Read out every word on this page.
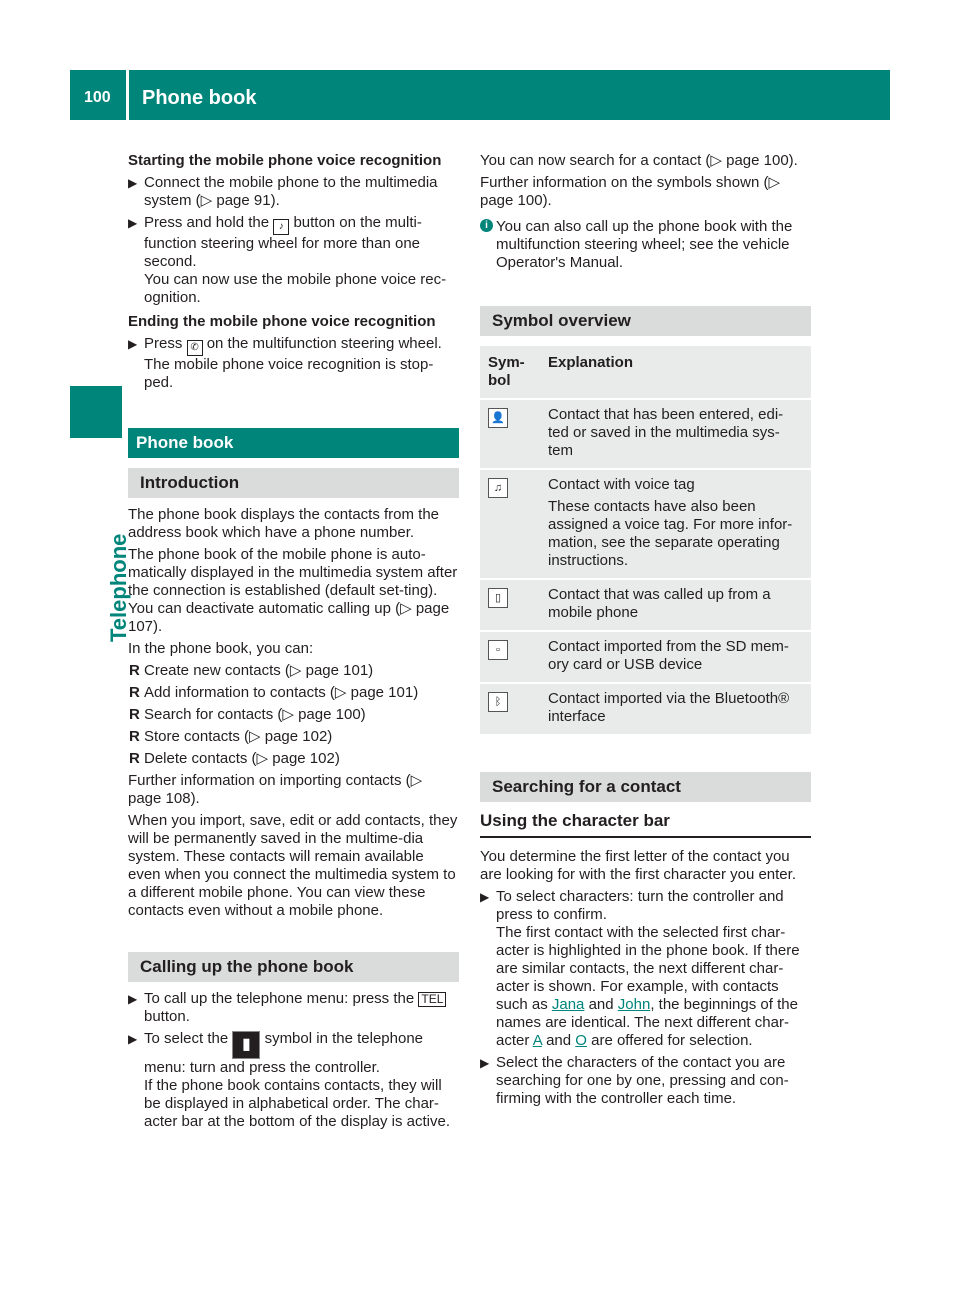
100 Phone book
Telephone

Starting the mobile phone voice recognition

▶ Connect the mobile phone to the multimedia system (▷ page 91).
▶ Press and hold the ♪ button on the multi-function steering wheel for more than one second.
You can now use the mobile phone voice rec-ognition.

Ending the mobile phone voice recognition

▶ Press ✆ on the multifunction steering wheel.
The mobile phone voice recognition is stop-ped.
Phone book
Introduction

The phone book displays the contacts from the address book which have a phone number.

The phone book of the mobile phone is auto-matically displayed in the multimedia system after the connection is established (default set-ting). You can deactivate automatic calling up (▷ page 107).

In the phone book, you can:

R Create new contacts (▷ page 101)
R Add information to contacts (▷ page 101)
R Search for contacts (▷ page 100)
R Store contacts (▷ page 102)
R Delete contacts (▷ page 102)

Further information on importing contacts (▷ page 108).

When you import, save, edit or add contacts, they will be permanently saved in the multime-dia system. These contacts will remain available even when you connect the multimedia system to a different mobile phone. You can view these contacts even without a mobile phone.

Calling up the phone book
▶ To call up the telephone menu: press the TEL button.
▶ To select the ▮ symbol in the telephone menu: turn and press the controller.
If the phone book contains contacts, they will be displayed in alphabetical order. The char-acter bar at the bottom of the display is active.

You can now search for a contact (▷ page 100).

Further information on the symbols shown (▷ page 100).

i You can also call up the phone book with the multifunction steering wheel; see the vehicle Operator's Manual.
Symbol overview
Sym-bol	Explanation
👤	Contact that has been entered, edi-ted or saved in the multimedia sys-tem
♫	Contact with voice tag
These contacts have also been assigned a voice tag. For more infor-mation, see the separate operating instructions.

▯	Contact that was called up from a mobile phone
▫	Contact imported from the SD mem-ory card or USB device
ᛒ	Contact imported via the Bluetooth® interface
Searching for a contact
Using the character bar

You determine the first letter of the contact you are looking for with the first character you enter.

▶ To select characters: turn the controller and press to confirm.
The first contact with the selected first char-acter is highlighted in the phone book. If there are similar contacts, the next different char-acter is shown. For example, with contacts such as Jana and John, the beginnings of the names are identical. The next different char-acter A and O are offered for selection.
▶ Select the characters of the contact you are searching for one by one, pressing and con-firming with the controller each time.
